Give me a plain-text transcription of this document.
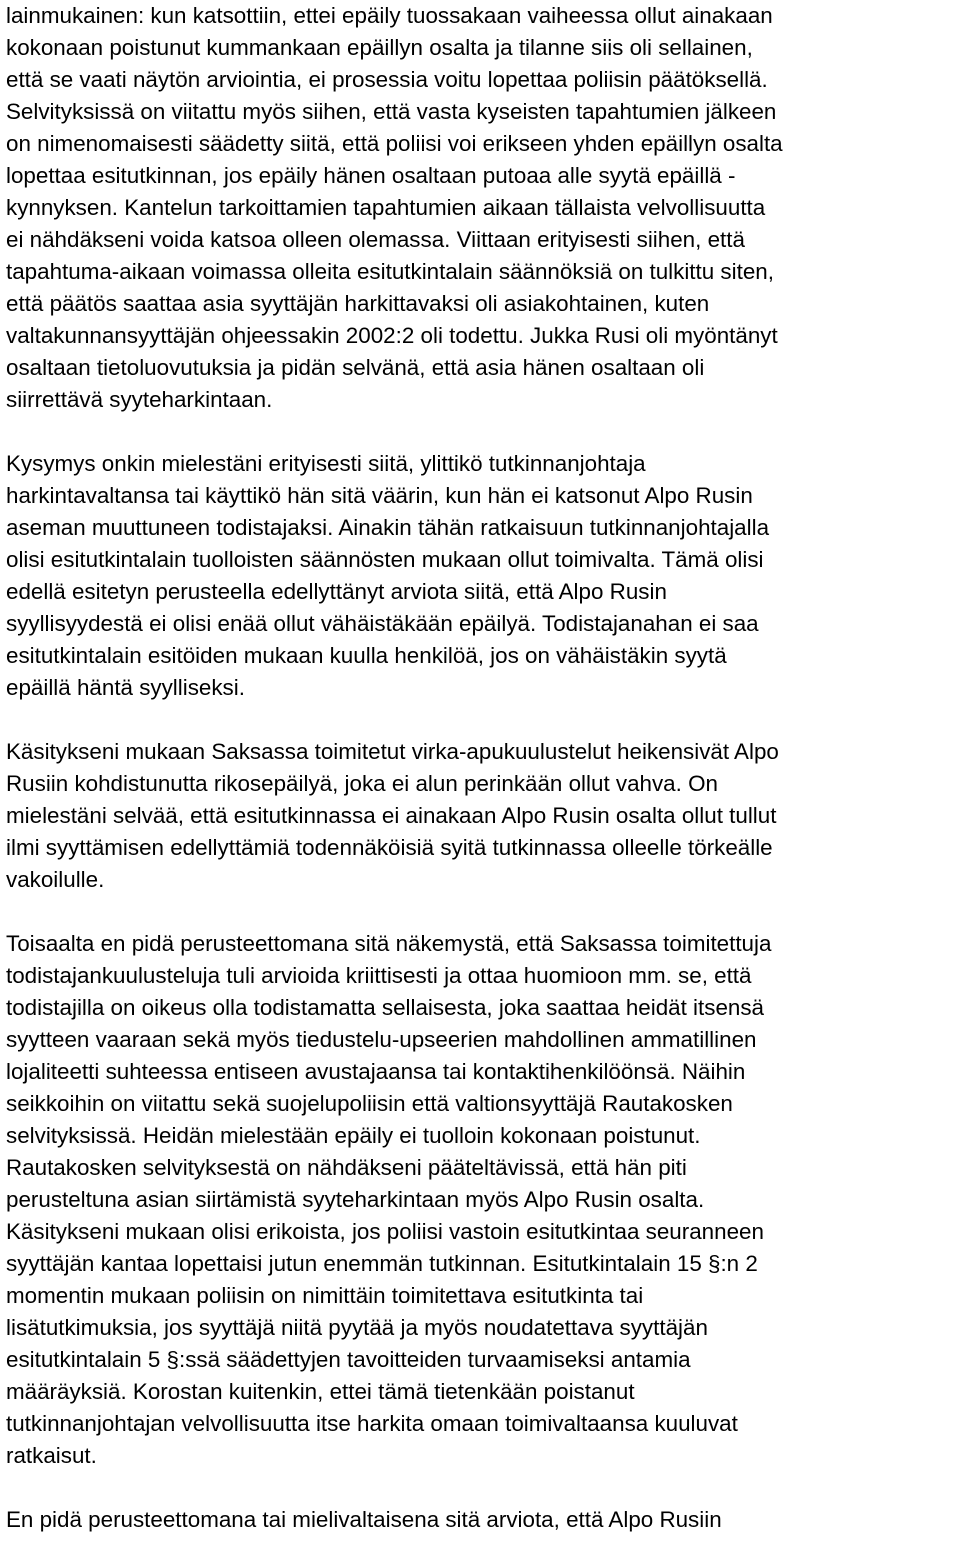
lainmukainen: kun katsottiin, ettei epäily tuossakaan vaiheessa ollut ainakaan
kokonaan poistunut kummankaan epäillyn osalta ja tilanne siis oli sellainen,
että se vaati näytön arviointia, ei prosessia voitu lopettaa poliisin päätöksellä.
Selvityksissä on viitattu myös siihen, että vasta kyseisten tapahtumien jälkeen
on nimenomaisesti säädetty siitä, että poliisi voi erikseen yhden epäillyn osalta
lopettaa esitutkinnan, jos epäily hänen osaltaan putoaa alle syytä epäillä -
kynnyksen. Kantelun tarkoittamien tapahtumien aikaan tällaista velvollisuutta
ei nähdäkseni voida katsoa olleen olemassa. Viittaan erityisesti siihen, että
tapahtuma-aikaan voimassa olleita esitutkintalain säännöksiä on tulkittu siten,
että päätös saattaa asia syyttäjän harkittavaksi oli asiakohtainen, kuten
valtakunnansyyttäjän ohjeessakin 2002:2 oli todettu. Jukka Rusi oli myöntänyt
osaltaan tietoluovutuksia ja pidän selvänä, että asia hänen osaltaan oli
siirrettävä syyteharkintaan.
Kysymys onkin mielestäni erityisesti siitä, ylittikö tutkinnanjohtaja
harkintavaltansa tai käyttikö hän sitä väärin, kun hän ei katsonut Alpo Rusin
aseman muuttuneen todistajaksi. Ainakin tähän ratkaisuun tutkinnanjohtajalla
olisi esitutkintalain tuolloisten säännösten mukaan ollut toimivalta. Tämä olisi
edellä esitetyn perusteella edellyttänyt arviota siitä, että Alpo Rusin
syyllisyydestä ei olisi enää ollut vähäistäkään epäilyä. Todistajanahan ei saa
esitutkintalain esitöiden mukaan kuulla henkilöä, jos on vähäistäkin syytä
epäillä häntä syylliseksi.
Käsitykseni mukaan Saksassa toimitetut virka-apukuulustelut heikensivät Alpo
Rusiin kohdistunutta rikosepäilyä, joka ei alun perinkään ollut vahva. On
mielestäni selvää, että esitutkinnassa ei ainakaan Alpo Rusin osalta ollut tullut
ilmi syyttämisen edellyttämiä todennäköisiä syitä tutkinnassa olleelle törkeälle
vakoilulle.
Toisaalta en pidä perusteettomana sitä näkemystä, että Saksassa toimitettuja
todistajankuulusteluja tuli arvioida kriittisesti ja ottaa huomioon mm. se, että
todistajilla on oikeus olla todistamatta sellaisesta, joka saattaa heidät itsensä
syytteen vaaraan sekä myös tiedustelu-upseerien mahdollinen ammatillinen
lojaliteetti suhteessa entiseen avustajaansa tai kontaktihenkilöönsä. Näihin
seikkoihin on viitattu sekä suojelupoliisin että valtionsyyttäjä Rautakosken
selvityksissä. Heidän mielestään epäily ei tuolloin kokonaan poistunut.
Rautakosken selvityksestä on nähdäkseni pääteltävissä, että hän piti
perusteltuna asian siirtämistä syyteharkintaan myös Alpo Rusin osalta.
Käsitykseni mukaan olisi erikoista, jos poliisi vastoin esitutkintaa seuranneen
syyttäjän kantaa lopettaisi jutun enemmän tutkinnan. Esitutkintalain 15 §:n 2
momentin mukaan poliisin on nimittäin toimitettava esitutkinta tai
lisätutkimuksia, jos syyttäjä niitä pyytää ja myös noudatettava syyttäjän
esitutkintalain 5 §:ssä säädettyjen tavoitteiden turvaamiseksi antamia
määräyksiä. Korostan kuitenkin, ettei tämä tietenkään poistanut
tutkinnanjohtajan velvollisuutta itse harkita omaan toimivaltaansa kuuluvat
ratkaisut.
En pidä perusteettomana tai mielivaltaisena sitä arviota, että Alpo Rusiin
